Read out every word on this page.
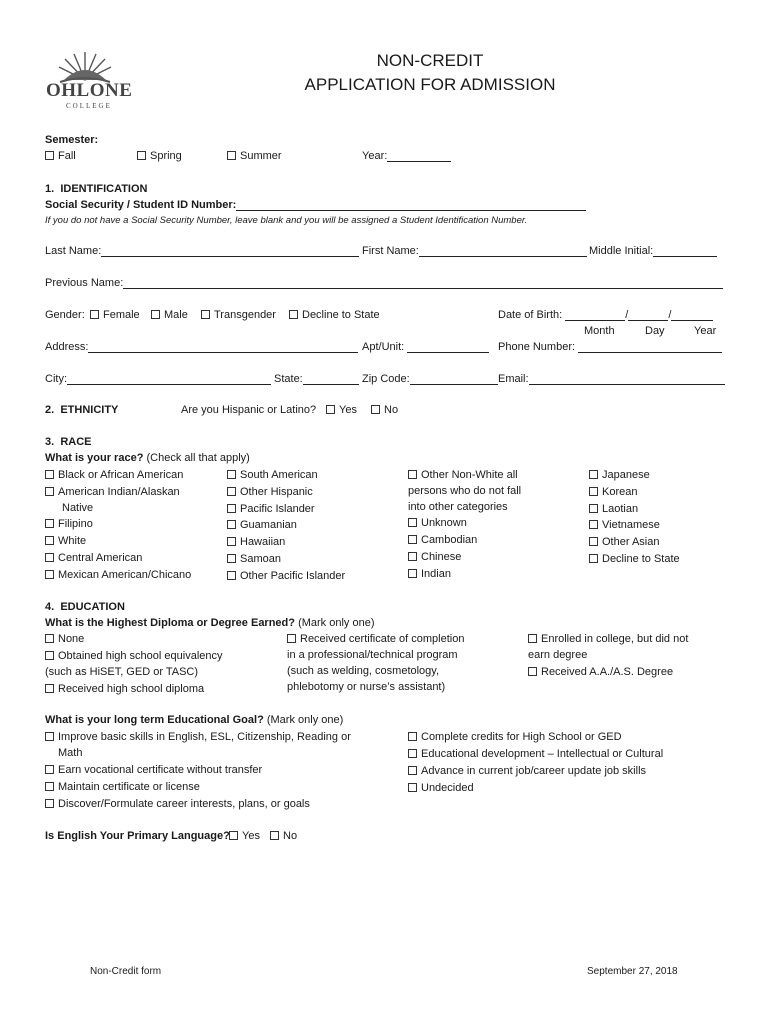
OHLONE
COLLEGE
NON-CREDIT
APPLICATION FOR ADMISSION
Semester:
Fall	Spring	Summer	Year:
1. IDENTIFICATION
Social Security / Student ID Number:
If you do not have a Social Security Number, leave blank and you will be assigned a Student Identification Number.
Last Name:	First Name:	Middle Initial:
Previous Name:
Gender:	Female	Male	Transgender	Decline to State	Date of Birth:	/	/
Month	Day	Year
Address:	Apt/Unit:	Phone Number:
City:	State:	Zip Code:	Email:
2. ETHNICITY	Are you Hispanic or Latino?	Yes	No
3. RACE
What is your race? (Check all that apply)
Black or African American
American Indian/Alaskan
Native
Filipino
White
Central American
Mexican American/Chicano
South American
Other Hispanic
Pacific Islander
Guamanian
Hawaiian
Samoan
Other Pacific Islander
Other Non-White all
persons who do not fall
into other categories
Unknown
Cambodian
Chinese
Indian
Japanese
Korean
Laotian
Vietnamese
Other Asian
Decline to State
4. EDUCATION
What is the Highest Diploma or Degree Earned? (Mark only one)
None
Obtained high school equivalency
(such as HiSET, GED or TASC)
Received high school diploma
Received certificate of completion
in a professional/technical program
(such as welding, cosmetology,
phlebotomy or nurse’s assistant)
Enrolled in college, but did not
earn degree
Received A.A./A.S. Degree
What is your long term Educational Goal? (Mark only one)
Improve basic skills in English, ESL, Citizenship, Reading or
Math
Earn vocational certificate without transfer
Maintain certificate or license
Discover/Formulate career interests, plans, or goals
Complete credits for High School or GED
Educational development – Intellectual or Cultural
Advance in current job/career update job skills
Undecided
Is English Your Primary Language?	Yes	No
Non-Credit form	September 27, 2018
